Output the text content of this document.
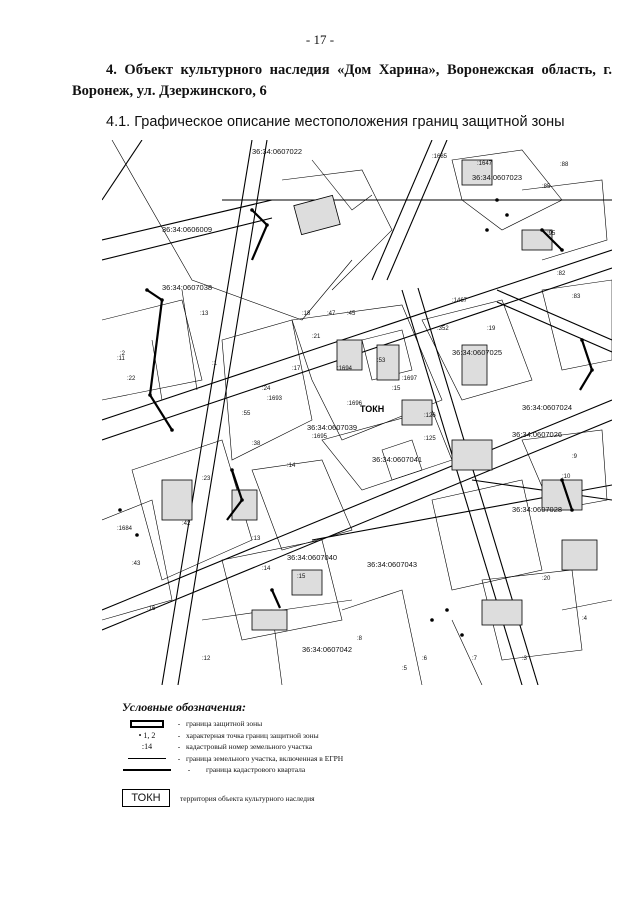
- 17 -
4. Объект культурного наследия «Дом Харина», Воронежская область, г. Воронеж, ул. Дзержинского, 6
4.1. Графическое описание местоположения границ защитной зоны
36:34:0607022
36:34:0606009
36:34:0607038
36:34:0607023
36:34:0607025
36:34:0607024
36:34:0607039
36:34:0607041
36:34:0607026
36:34:0607028
36:34:0607040
36:34:0607043
36:34:0607042
:1685
:1647	:88
:85
:95
:82
:83
:1467
:352	:19
:13	:18	:47 :45
:21
:17	:1694
:1697
:53
:15
:1693
:1696
:55
:1695
:126
:125
:14
:23
:38
:1684
:42
:43
:13
:14
:15
:16
:20
:8
:9
:10
:11
:2
:1
:24
:22
:12	:7	:3
:4
:5
:6
ТОКН
Условные обозначения:
- граница защитной зоны
• 1, 2	- характерная точка границ защитной зоны
:14	- кадастровый номер земельного участка
- граница земельного участка, включенная в ЕГРН
-	граница кадастрового квартала
ТОКН	территория объекта культурного наследия
